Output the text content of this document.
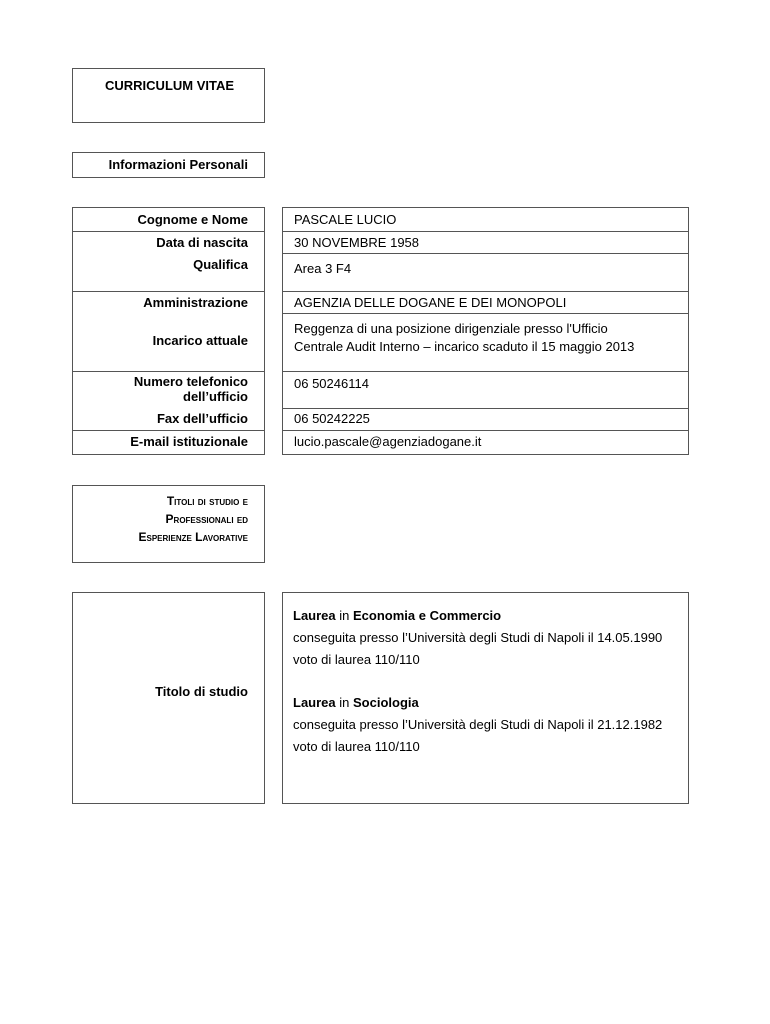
CURRICULUM VITAE
Informazioni Personali
Cognome e Nome
Data di nascita
Qualifica
Amministrazione
Incarico attuale
Numero telefonico
dell’ufficio
Fax dell’ufficio
E-mail istituzionale
PASCALE LUCIO
30 NOVEMBRE 1958
Area 3 F4
AGENZIA DELLE DOGANE E DEI MONOPOLI
Reggenza di una posizione dirigenziale presso l'Ufficio
Centrale Audit Interno – incarico scaduto il 15 maggio 2013
06 50246114
06 50242225
lucio.pascale@agenziadogane.it
Titoli di studio e
Professionali ed
Esperienze Lavorative
Titolo di studio
Laurea in Economia e Commercio
conseguita presso l’Università degli Studi di Napoli il 14.05.1990
voto di laurea 110/110
Laurea in Sociologia
conseguita presso l’Università degli Studi di Napoli il 21.12.1982
voto di laurea 110/110
